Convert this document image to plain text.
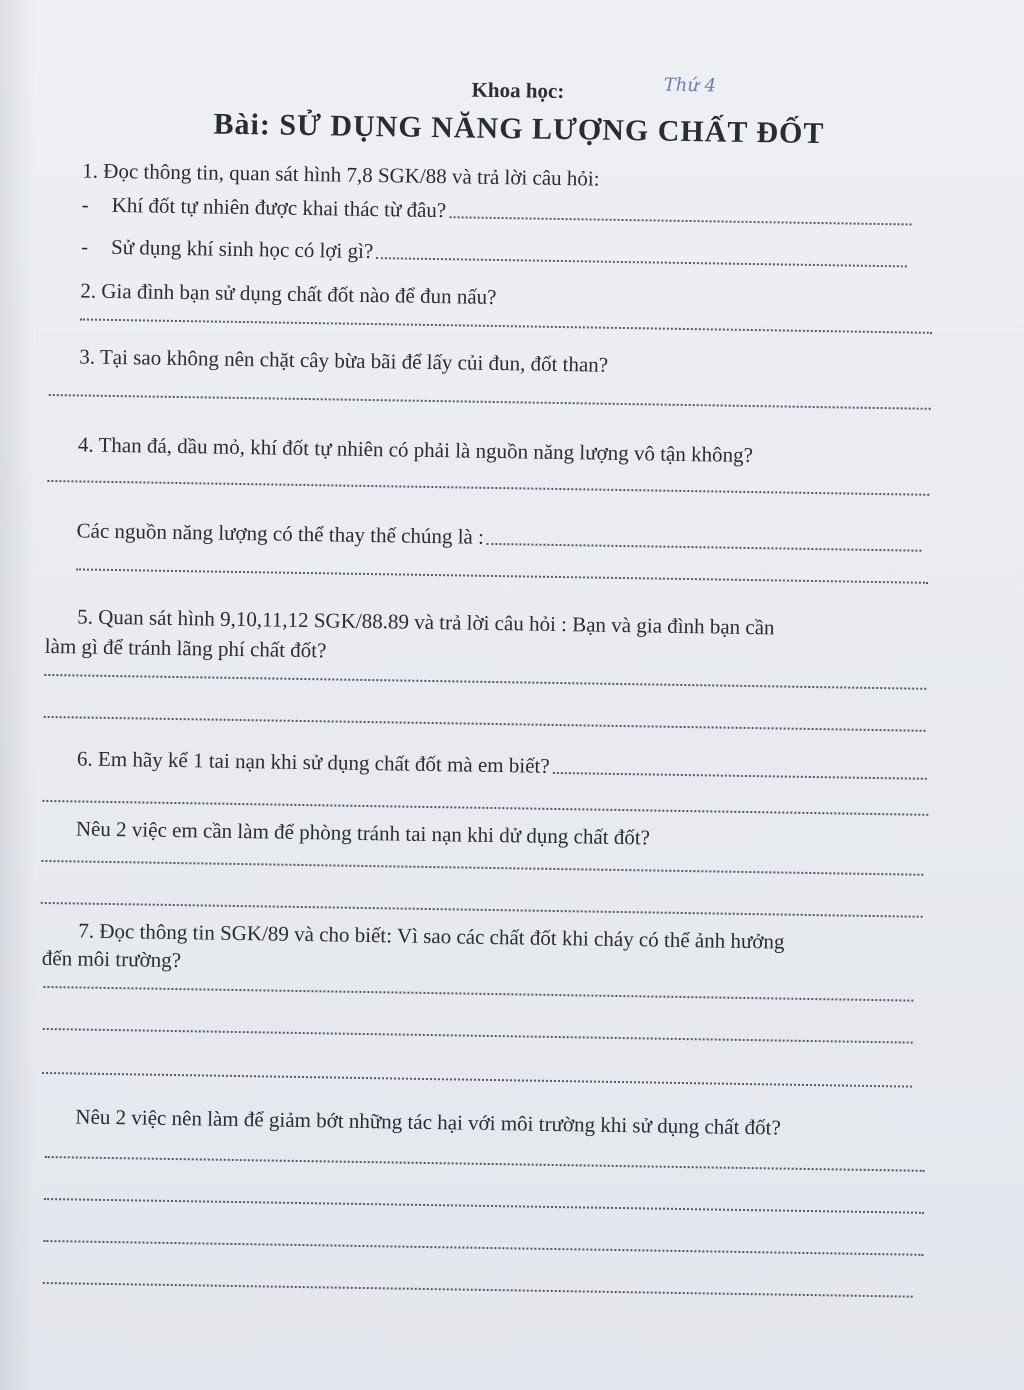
Khoa học:	Thứ 4
Bài: SỬ DỤNG NĂNG LƯỢNG CHẤT ĐỐT
1. Đọc thông tin, quan sát hình 7,8 SGK/88 và trả lời câu hỏi:
-	Khí đốt tự nhiên được khai thác từ đâu?
-	Sử dụng khí sinh học có lợi gì?
2. Gia đình bạn sử dụng chất đốt nào để đun nấu?
3. Tại sao không nên chặt cây bừa bãi để lấy củi đun, đốt than?
4. Than đá, dầu mỏ, khí đốt tự nhiên có phải là nguồn năng lượng vô tận không?
Các nguồn năng lượng có thể thay thế chúng là :
5. Quan sát hình 9,10,11,12 SGK/88.89 và trả lời câu hỏi : Bạn và gia đình bạn cần
làm gì để tránh lãng phí chất đốt?
6. Em hãy kể 1 tai nạn khi sử dụng chất đốt mà em biết?
Nêu 2 việc em cần làm để phòng tránh tai nạn khi dử dụng chất đốt?
7. Đọc thông tin SGK/89 và cho biết: Vì sao các chất đốt khi cháy có thể ảnh hưởng
đến môi trường?
Nêu 2 việc nên làm để giảm bớt những tác hại với môi trường khi sử dụng chất đốt?
